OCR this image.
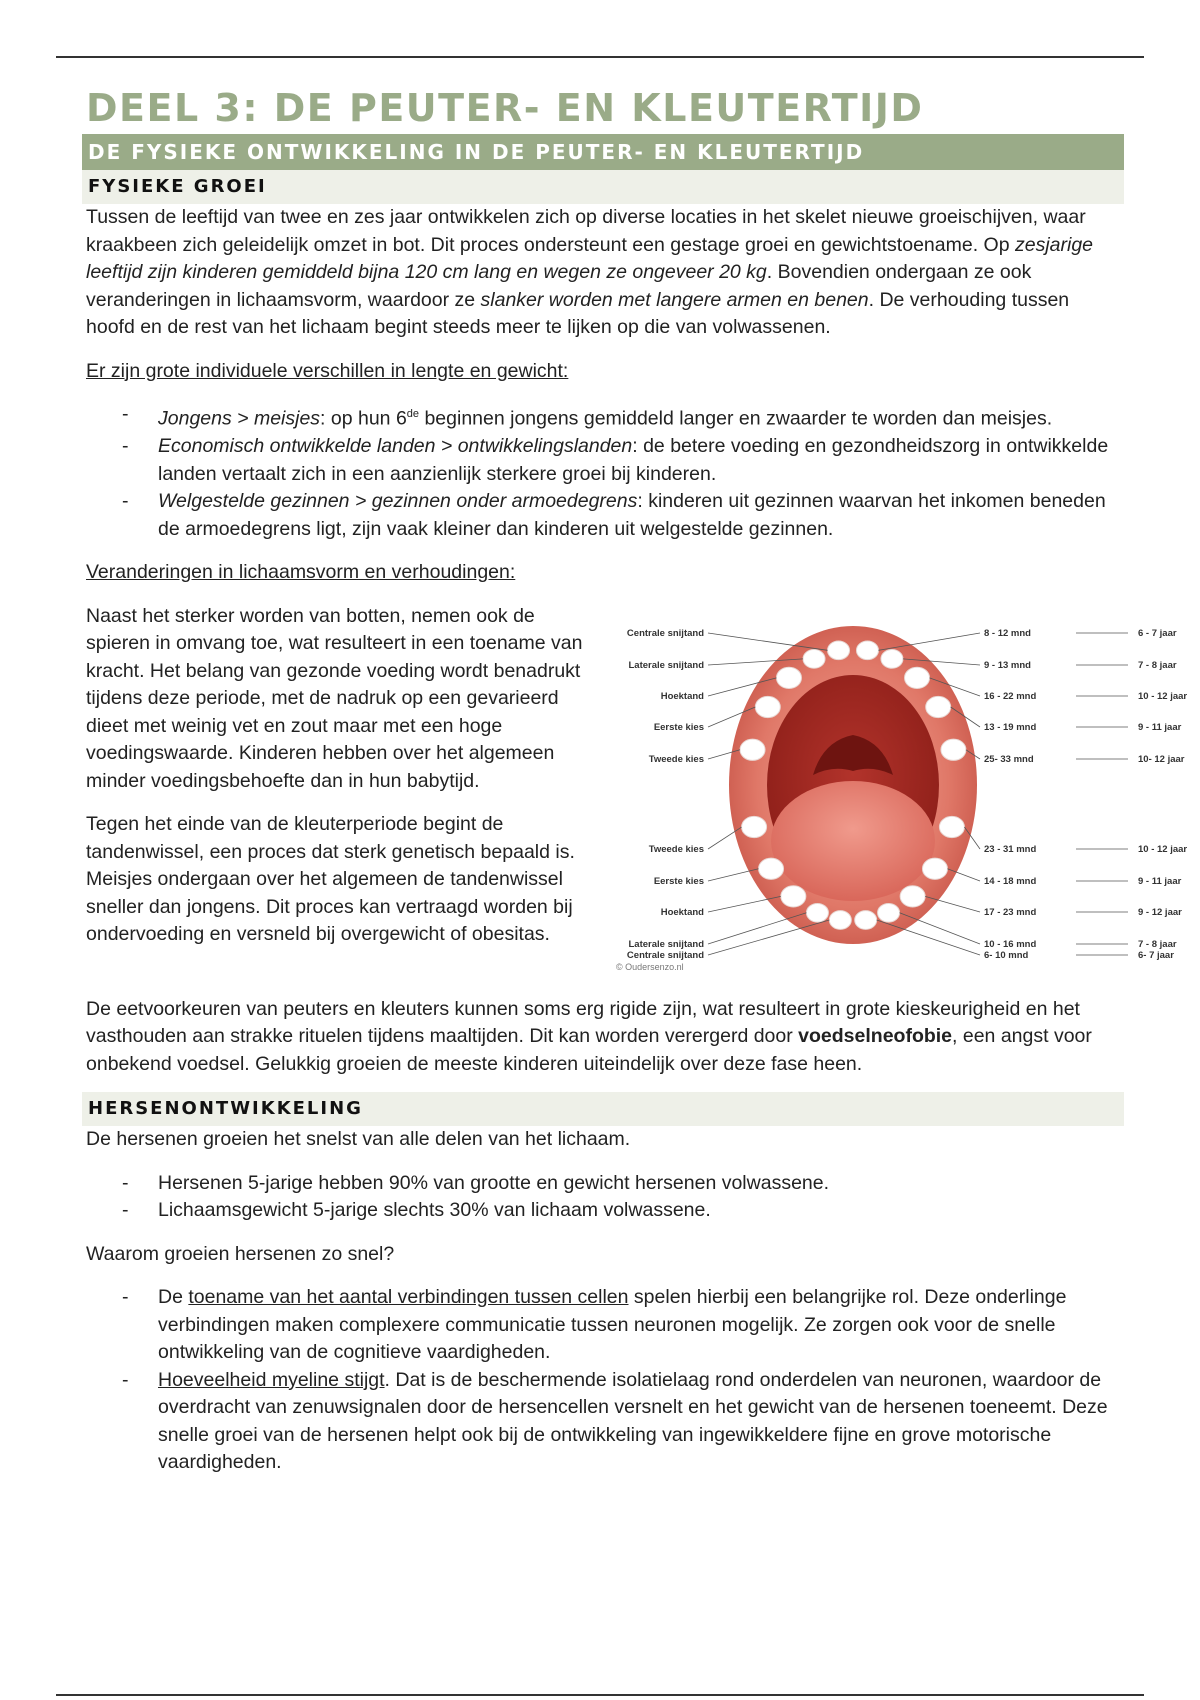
DEEL 3: DE PEUTER- EN KLEUTERTIJD
DE FYSIEKE ONTWIKKELING IN DE PEUTER- EN KLEUTERTIJD
FYSIEKE GROEI

Tussen de leeftijd van twee en zes jaar ontwikkelen zich op diverse locaties in het skelet nieuwe groeischijven, waar kraakbeen zich geleidelijk omzet in bot. Dit proces ondersteunt een gestage groei en gewichtstoename. Op zesjarige leeftijd zijn kinderen gemiddeld bijna 120 cm lang en wegen ze ongeveer 20 kg. Bovendien ondergaan ze ook veranderingen in lichaamsvorm, waardoor ze slanker worden met langere armen en benen. De verhouding tussen hoofd en de rest van het lichaam begint steeds meer te lijken op die van volwassenen.

Er zijn grote individuele verschillen in lengte en gewicht:

- Jongens > meisjes: op hun 6de beginnen jongens gemiddeld langer en zwaarder te worden dan meisjes.
- Economisch ontwikkelde landen > ontwikkelingslanden: de betere voeding en gezondheidszorg in ontwikkelde landen vertaalt zich in een aanzienlijk sterkere groei bij kinderen.
- Welgestelde gezinnen > gezinnen onder armoedegrens: kinderen uit gezinnen waarvan het inkomen beneden de armoedegrens ligt, zijn vaak kleiner dan kinderen uit welgestelde gezinnen.

Veranderingen in lichaamsvorm en verhoudingen:

Naast het sterker worden van botten, nemen ook de spieren in omvang toe, wat resulteert in een toename van kracht. Het belang van gezonde voeding wordt benadrukt tijdens deze periode, met de nadruk op een gevarieerd dieet met weinig vet en zout maar met een hoge voedingswaarde. Kinderen hebben over het algemeen minder voedingsbehoefte dan in hun babytijd.

Tegen het einde van de kleuterperiode begint de tandenwissel, een proces dat sterk genetisch bepaald is. Meisjes ondergaan over het algemeen de tandenwissel sneller dan jongens. Dit proces kan vertraagd worden bij ondervoeding en versneld bij overgewicht of obesitas.

Centrale snijtand	8 - 12 mnd	6 - 7 jaar
Laterale snijtand	9 - 13 mnd	7 - 8 jaar
Hoektand	16 - 22 mnd	10 - 12 jaar
Eerste kies	13 - 19 mnd	9 - 11 jaar
Tweede kies	25- 33 mnd	10- 12 jaar
Tweede kies	23 - 31 mnd	10 - 12 jaar
Eerste kies	14 - 18 mnd	9 - 11 jaar
Hoektand	17 - 23 mnd	9 - 12 jaar
Laterale snijtand	10 - 16 mnd	7 - 8 jaar
Centrale snijtand	6- 10 mnd	6- 7 jaar
© Oudersenzo.nl

De eetvoorkeuren van peuters en kleuters kunnen soms erg rigide zijn, wat resulteert in grote kieskeurigheid en het vasthouden aan strakke rituelen tijdens maaltijden. Dit kan worden verergerd door voedselneofobie, een angst voor onbekend voedsel. Gelukkig groeien de meeste kinderen uiteindelijk over deze fase heen.

HERSENONTWIKKELING

De hersenen groeien het snelst van alle delen van het lichaam.

- Hersenen 5-jarige hebben 90% van grootte en gewicht hersenen volwassene.
- Lichaamsgewicht 5-jarige slechts 30% van lichaam volwassene.

Waarom groeien hersenen zo snel?

- De toename van het aantal verbindingen tussen cellen spelen hierbij een belangrijke rol. Deze onderlinge verbindingen maken complexere communicatie tussen neuronen mogelijk. Ze zorgen ook voor de snelle ontwikkeling van de cognitieve vaardigheden.
- Hoeveelheid myeline stijgt. Dat is de beschermende isolatielaag rond onderdelen van neuronen, waardoor de overdracht van zenuwsignalen door de hersencellen versnelt en het gewicht van de hersenen toeneemt. Deze snelle groei van de hersenen helpt ook bij de ontwikkeling van ingewikkeldere fijne en grove motorische vaardigheden.
